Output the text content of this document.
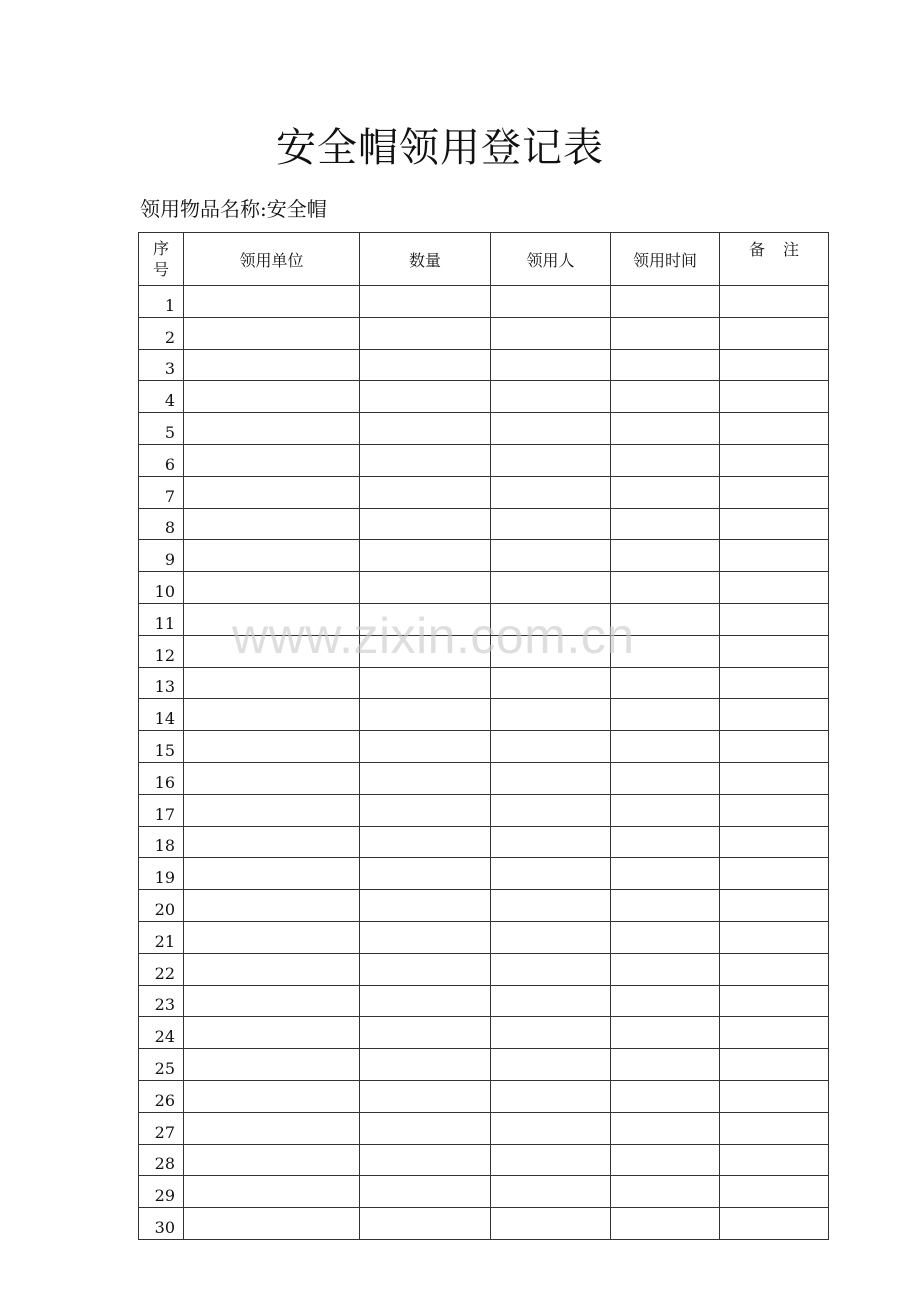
安全帽领用登记表
领用物品名称:安全帽
序
号	领用单位	数量	领用人	领用时间	备注
1					
2					
3					
4					
5					
6					
7					
8					
9					
10					
11					
12					
13					
14					
15					
16					
17					
18					
19					
20					
21					
22					
23					
24					
25					
26					
27					
28					
29					
30					
www.zixin.com.cn
